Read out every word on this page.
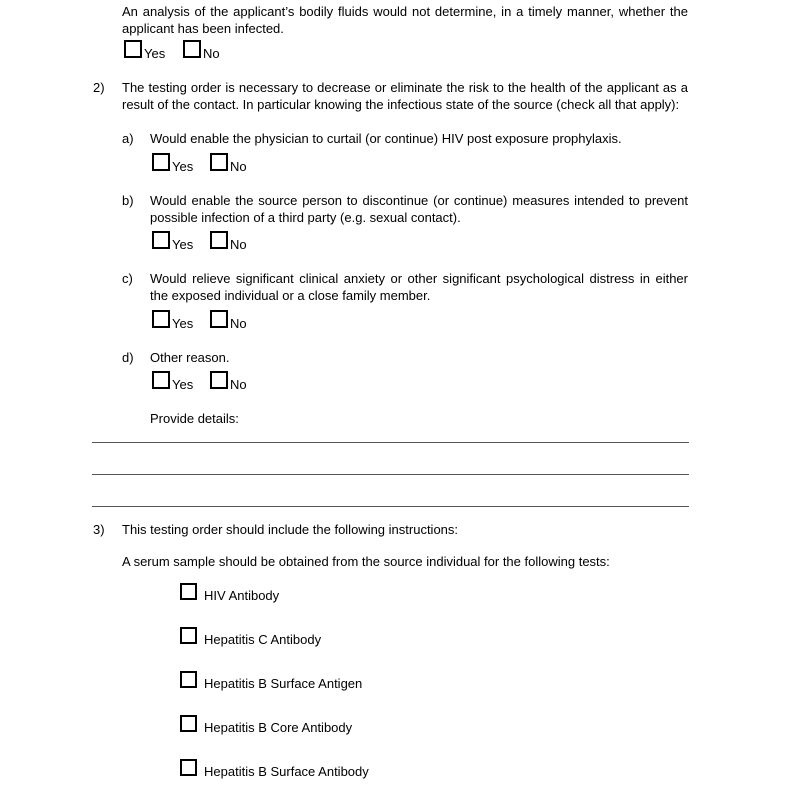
An analysis of the applicant’s bodily fluids would not determine, in a timely manner, whether the applicant has been infected.
Yes	No
2) The testing order is necessary to decrease or eliminate the risk to the health of the applicant as a result of the contact. In particular knowing the infectious state of the source (check all that apply):
a) Would enable the physician to curtail (or continue) HIV post exposure prophylaxis.
Yes	No
b) Would enable the source person to discontinue (or continue) measures intended to prevent possible infection of a third party (e.g. sexual contact).
Yes	No
c) Would relieve significant clinical anxiety or other significant psychological distress in either the exposed individual or a close family member.
Yes	No
d) Other reason.
Yes	No
Provide details:
3) This testing order should include the following instructions:
A serum sample should be obtained from the source individual for the following tests:
HIV Antibody
Hepatitis C Antibody
Hepatitis B Surface Antigen
Hepatitis B Core Antibody
Hepatitis B Surface Antibody
